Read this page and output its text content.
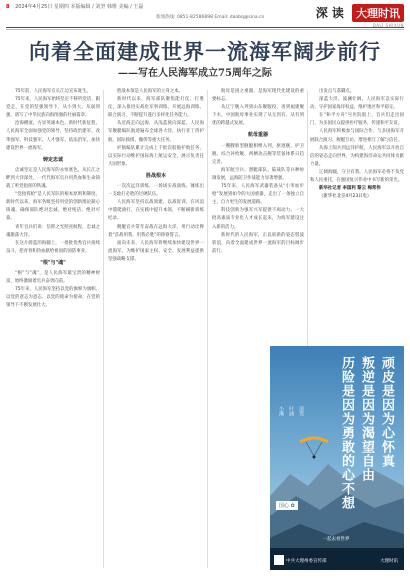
8 2024年4月25日 星期四 本版编辑 / 刘坚 韩维 美编 / 王磊
新闻热线: 0851-82586898 Email: daobq@sina.cn	深 读 大理时讯
DALI SHIXUN
向着全面建成世界一流海军阔步前行
——写在人民海军成立75周年之际

75年前，人民海军在长江边宣布诞生。

75年来，人民海军始终坚定不移听党话、跟党走，在党的坚强领导下，从小到大、从弱到强，谱写了中华民族向海图强的壮丽篇章。

沧海横流，方显英雄本色。新时代新征程，人民海军全面加强党的领导，坚持政治建军、改革强军、科技强军、人才强军、依法治军，加快建设世界一流海军。

铸定忠诚

忠诚坚定是人民海军的永恒底色。从长江之畔到大洋深处，一代代海军官兵用热血和生命铸就了听党指挥的铁魂。

“党指挥枪”是人民军队的根本原则和制度。新时代以来，海军各级坚持用党的创新理论凝心铸魂，确保部队绝对忠诚、绝对纯洁、绝对可靠。

青年官兵们说：信仰之光照亮航程，忠诚之魂激荡大洋。

在这片蔚蓝的海疆上，一批批优秀官兵接续奋斗，把青春和热血献给祖国的国防事业。

"根"与"魂"

“根”与“魂”，是人民海军最宝贵的精神财富，始终激励着官兵奋勇向前。

75年来，人民海军坚持以党的旗帜为旗帜、以党的意志为意志、以党的使命为使命，在党的领导下不断发展壮大。

胜战本领是人民海军的立身之本。

新时代以来，海军部队聚焦能打仗、打胜仗，深入推进实战化军事训练，开展远海训练、联合演习，不断提升遂行多样化任务能力。

从近海走向远海，从浅蓝驶向深蓝。人民海军舰艇编队航迹遍布全球各大洋，执行亚丁湾护航、国际救援、撤侨等重大任务。

护航编队累计完成上千批次船舶护航任务，以实际行动维护国际海上航运安全，展示负责任大国形象。

胜战根本

一次次远洋训练，一场场实战演练，锤炼出一支敢打必胜的过硬队伍。

人民海军坚持以战领建、以战促训，在风浪中摸爬滚打，在实践中提升本领，不断刷新训练纪录。

舰艇官兵常年奋战在远海大洋，用行动诠释着“首战用我、用我必胜”的铮铮誓言。

面向未来，人民海军将继续加快建设世界一流海军，为维护国家主权、安全、发展利益提供坚强战略支撑。

航母是国之重器，是海军现代化建设的重要标志。

从辽宁舰入列到山东舰服役，再到福建舰下水，中国航母事业实现了从无到有、从有到优的跨越式发展。

航母重器

一艘艘新型舰艇相继入列，驱逐舰、护卫舰、综合补给舰、两栖攻击舰等装备体系日趋完善。

海军航空兵、潜艇部队、陆战队等兵种协调发展，远海防卫作战能力显著增强。

75年来，人民海军武器装备从“小米加步枪”发展到如今的大国重器，走出了一条独立自主、自力更生的发展道路。

科技创新为强军兴军提供不竭动力。一大批高素质专业化人才成长起来，为海军建设注入新的活力。

新时代的人民海军，正以崭新的姿态劈波斩浪，向着全面建成世界一流海军的目标阔步前行。

出发点与落脚点。

深蓝大洋，波澜壮阔。人民海军以实际行动，守护国家海洋权益，维护地区和平稳定。

在“和平方舟”号医院船上，官兵们走出国门，为多国民众提供医疗服务，传递和平友谊。

人民海军积极参与国际合作，与多国海军开展联合演习、舰艇互访，增进相互了解与信任。

从海上阅兵到远洋护航，人民海军以开放自信的姿态走向世界，为构建海洋命运共同体贡献力量。

辽阔海疆，守卫有我。人民海军必将不负党和人民重托，在强国复兴伟业中书写新的荣光。

新华社记者 李国利 黎云 梅常伟

（新华社北京4月23日电）

顽皮是因为心怀真
叛逆是因为渴望自由
历险是因为勇敢的心不想
小溪 叶涵 凌驾
国心 ✿
一起去看世界
中共大理州委宣传部	大理时讯
